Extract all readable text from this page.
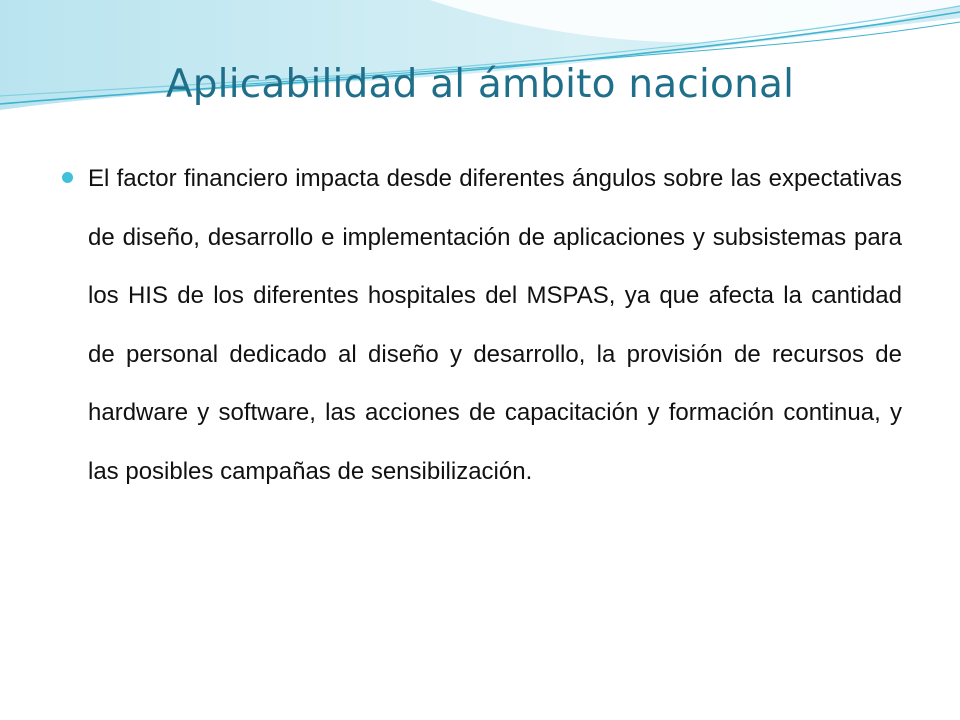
Aplicabilidad al ámbito nacional
El factor financiero impacta desde diferentes ángulos sobre las expectativas de diseño, desarrollo e implementación de aplicaciones y subsistemas para los HIS de los diferentes hospitales del MSPAS, ya que afecta la cantidad de personal dedicado al diseño y desarrollo, la provisión de recursos de hardware y software, las acciones de capacitación y formación continua, y las posibles campañas de sensibilización.
